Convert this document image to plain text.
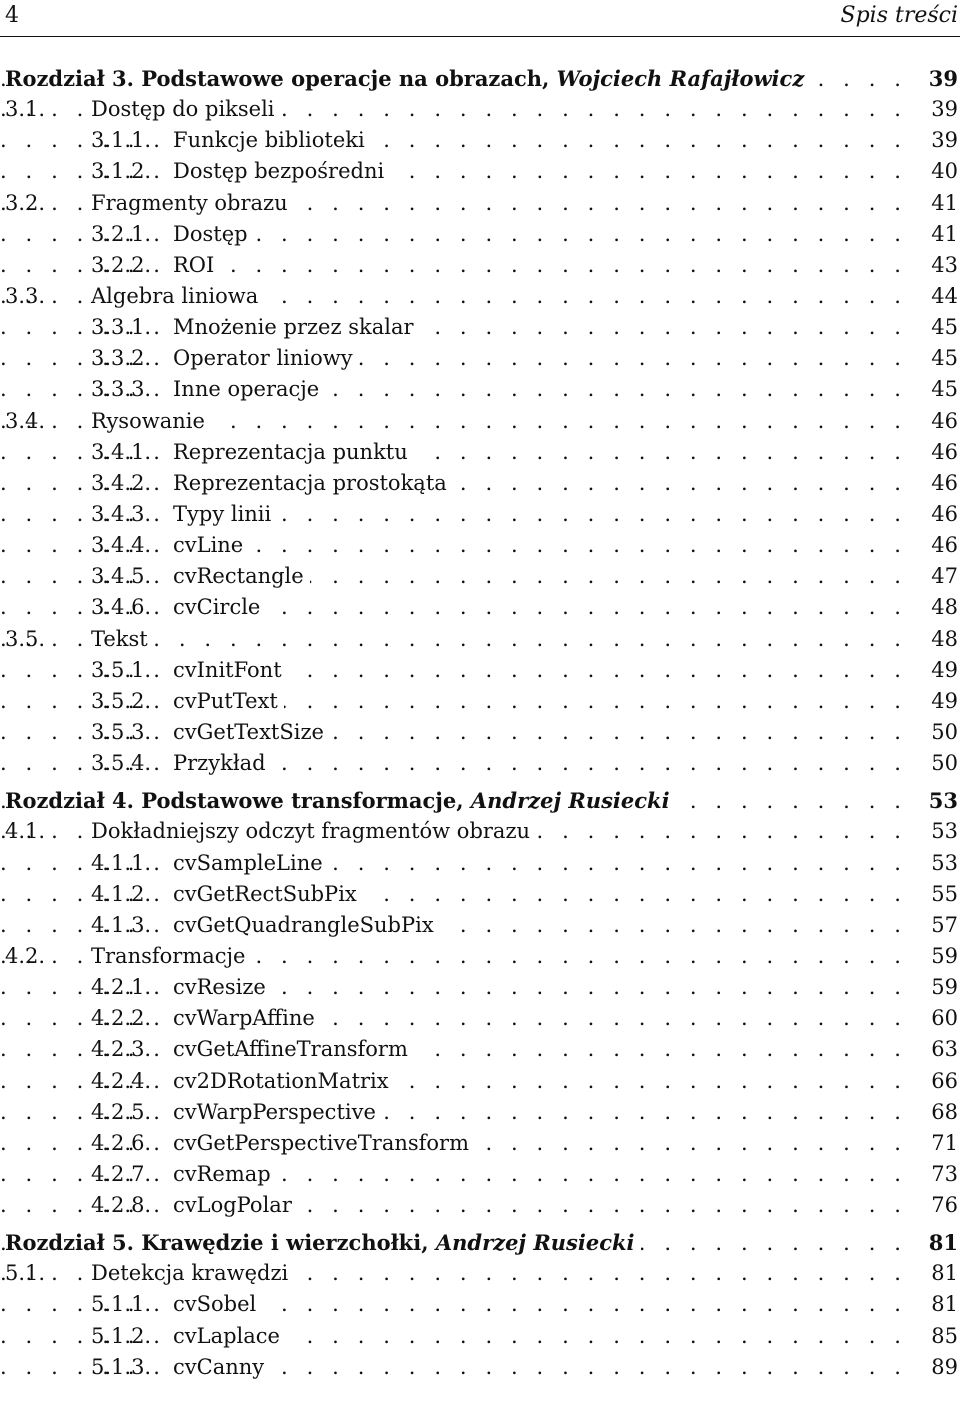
4	Spis treści
. . .
Rozdział 3. Podstawowe operacje na obrazach, Wojciech Rafajłowicz	39
. . .
3.1. Dostęp do pikseli	39
. . .
3.1.1. Funkcje biblioteki	39
. . .
3.1.2. Dostęp bezpośredni	40
. . .
3.2. Fragmenty obrazu	41
. . .
3.2.1. Dostęp	41
. . .
3.2.2. ROI	43
. . .
3.3. Algebra liniowa	44
. . .
3.3.1. Mnożenie przez skalar	45
. . .
3.3.2. Operator liniowy	45
. . .
3.3.3. Inne operacje	45
. . .
3.4. Rysowanie	46
. . .
3.4.1. Reprezentacja punktu	46
. . .
3.4.2. Reprezentacja prostokąta	46
. . .
3.4.3. Typy linii	46
. . .
3.4.4. cvLine	46
. . .
3.4.5. cvRectangle	47
. . .
3.4.6. cvCircle	48
. . .
3.5. Tekst	48
. . .
3.5.1. cvInitFont	49
. . .
3.5.2. cvPutText	49
. . .
3.5.3. cvGetTextSize	50
. . .
3.5.4. Przykład	50
. . .
Rozdział 4. Podstawowe transformacje, Andrzej Rusiecki	53
. . .
4.1. Dokładniejszy odczyt fragmentów obrazu	53
. . .
4.1.1. cvSampleLine	53
. . .
4.1.2. cvGetRectSubPix	55
. . .
4.1.3. cvGetQuadrangleSubPix	57
. . .
4.2. Transformacje	59
. . .
4.2.1. cvResize	59
. . .
4.2.2. cvWarpAffine	60
. . .
4.2.3. cvGetAffineTransform	63
. . .
4.2.4. cv2DRotationMatrix	66
. . .
4.2.5. cvWarpPerspective	68
. . .
4.2.6. cvGetPerspectiveTransform	71
. . .
4.2.7. cvRemap	73
. . .
4.2.8. cvLogPolar	76
. . .
Rozdział 5. Krawędzie i wierzchołki, Andrzej Rusiecki	81
. . .
5.1. Detekcja krawędzi	81
. . .
5.1.1. cvSobel	81
. . .
5.1.2. cvLaplace	85
. . .
5.1.3. cvCanny	89
